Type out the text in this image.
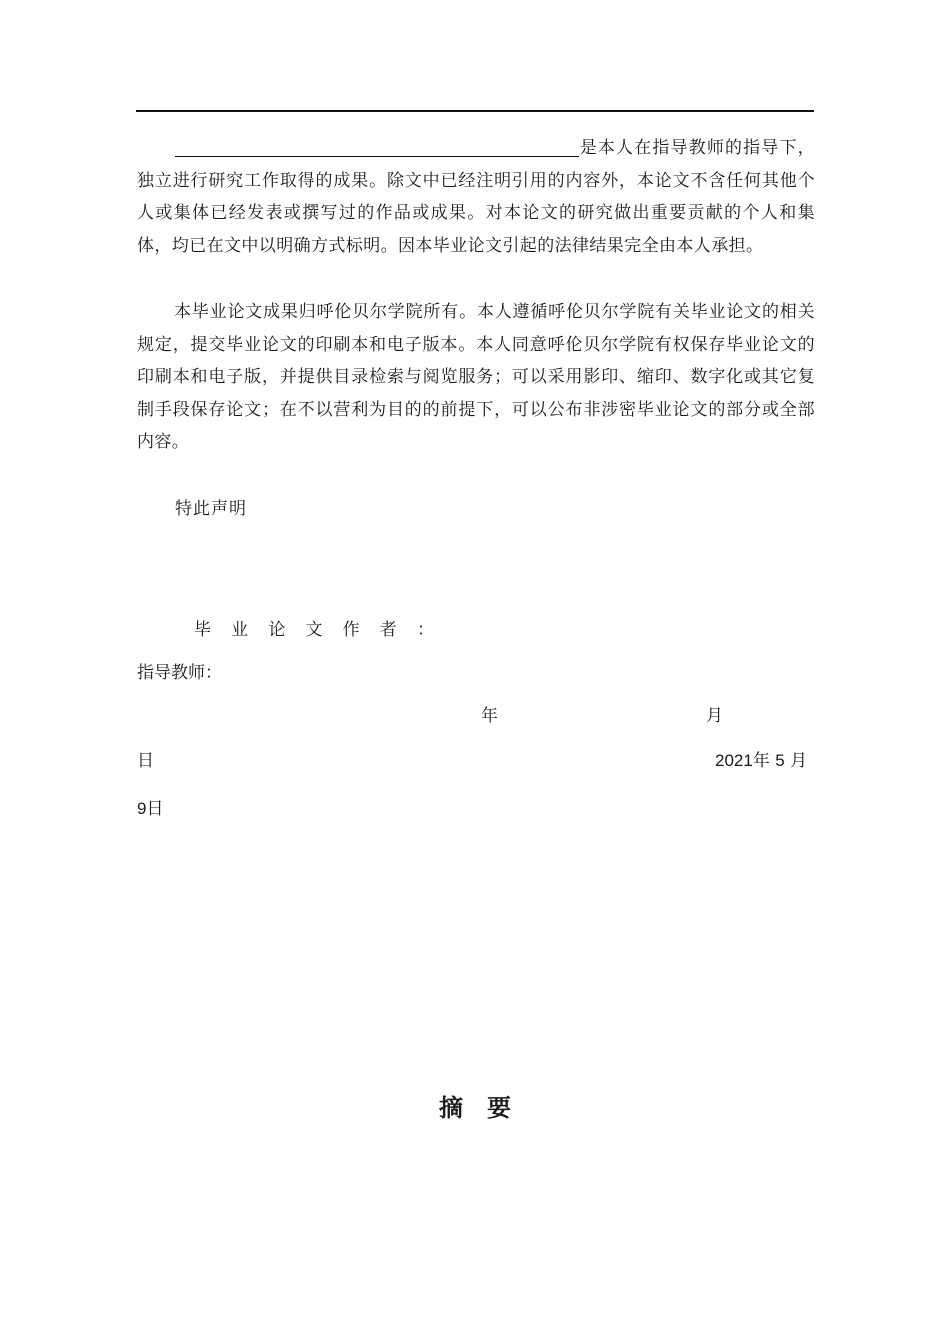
是本人在指导教师的指导下，独立进行研究工作取得的成果。除文中已经注明引用的内容外，本论文不含任何其他个人或集体已经发表或撰写过的作品或成果。对本论文的研究做出重要贡献的个人和集体，均已在文中以明确方式标明。因本毕业论文引起的法律结果完全由本人承担。

本毕业论文成果归呼伦贝尔学院所有。本人遵循呼伦贝尔学院有关毕业论文的相关规定，提交毕业论文的印刷本和电子版本。本人同意呼伦贝尔学院有权保存毕业论文的印刷本和电子版，并提供目录检索与阅览服务；可以采用影印、缩印、数字化或其它复制手段保存论文；在不以营利为目的的前提下，可以公布非涉密毕业论文的部分或全部内容。

特此声明
毕 业 论 文 作 者 ：
指导教师：
年	月
日	2021年 5 月
9日
摘要
